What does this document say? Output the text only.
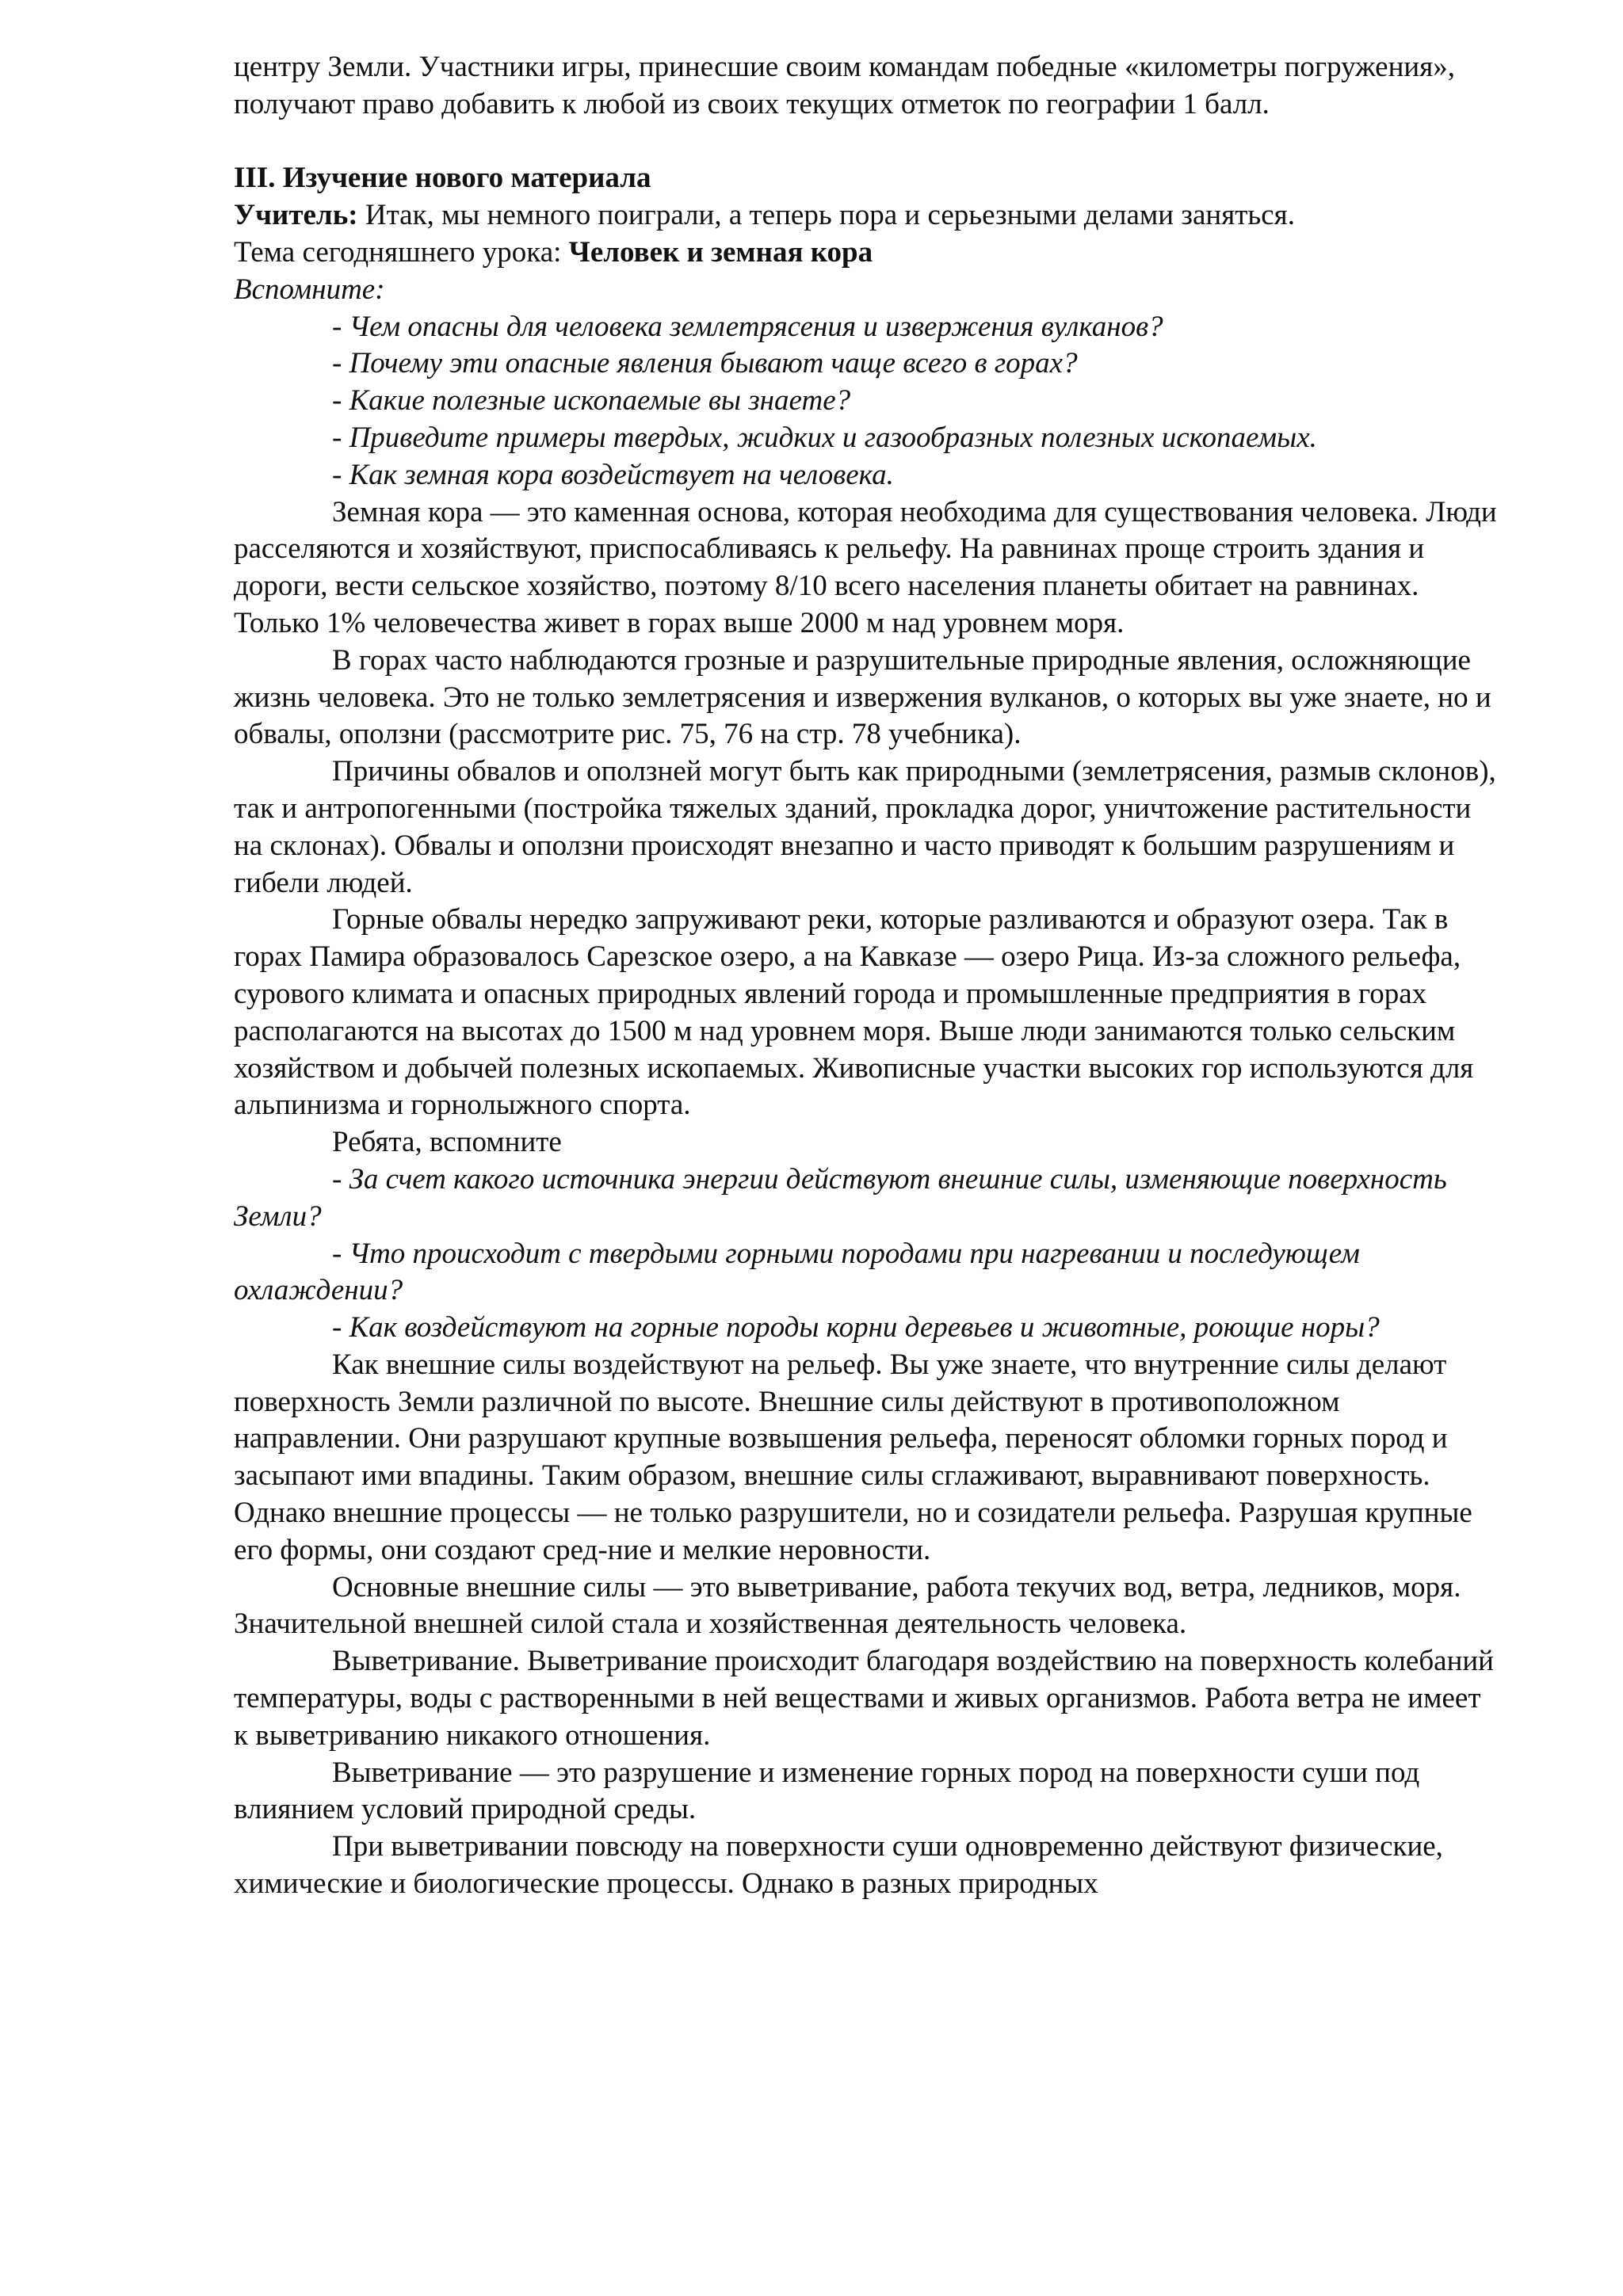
центру Земли. Участники игры, принесшие своим командам победные «километры погружения», получают право добавить к любой из своих текущих отметок по географии 1 балл.

III. Изучение нового материала

Учитель: Итак, мы немного поиграли, а теперь пора и серьезными делами заняться.

Тема сегодняшнего урока: Человек и земная кора

Вспомните:

- Чем опасны для человека землетрясения и извержения вулканов?

- Почему эти опасные явления бывают чаще всего в горах?

- Какие полезные ископаемые вы знаете?

- Приведите примеры твердых, жидких и газообразных полезных ископаемых.

- Как земная кора воздействует на человека.

Земная кора — это каменная основа, которая необходима для существования человека. Люди расселяются и хозяйствуют, приспосабливаясь к рельефу. На равнинах проще строить здания и дороги, вести сельское хозяйство, поэтому 8/10 всего населения планеты обитает на равнинах. Только 1% человечества живет в горах выше 2000 м над уровнем моря.

В горах часто наблюдаются грозные и разрушительные природные явления, осложняющие жизнь человека. Это не только землетрясения и извержения вулканов, о которых вы уже знаете, но и обвалы, оползни (рассмотрите рис. 75, 76 на стр. 78 учебника).

Причины обвалов и оползней могут быть как природными (землетрясения, размыв склонов), так и антропогенными (постройка тяжелых зданий, прокладка дорог, уничтожение растительности на склонах). Обвалы и оползни происходят внезапно и часто приводят к большим разрушениям и гибели людей.

Горные обвалы нередко запруживают реки, которые разливаются и образуют озера. Так в горах Памира образовалось Сарезское озеро, а на Кавказе — озеро Рица. Из-за сложного рельефа, сурового климата и опасных природных явлений города и промышленные предприятия в горах располагаются на высотах до 1500 м над уровнем моря. Выше люди занимаются только сельским хозяйством и добычей полезных ископаемых. Живописные участки высоких гор используются для альпинизма и горнолыжного спорта.

Ребята, вспомните

- За счет какого источника энергии действуют внешние силы, изменяющие поверхность Земли?

- Что происходит с твердыми горными породами при нагревании и последующем охлаждении?

- Как воздействуют на горные породы корни деревьев и животные, роющие норы?

Как внешние силы воздействуют на рельеф. Вы уже знаете, что внутренние силы делают поверхность Земли различной по высоте. Внешние силы действуют в противоположном направлении. Они разрушают крупные возвышения рельефа, переносят обломки горных пород и засыпают ими впадины. Таким образом, внешние силы сглаживают, выравнивают поверхность. Однако внешние процессы — не только разрушители, но и созидатели рельефа. Разрушая крупные его формы, они создают сред-ние и мелкие неровности.

Основные внешние силы — это выветривание, работа текучих вод, ветра, ледников, моря. Значительной внешней силой стала и хозяйственная деятельность человека.

Выветривание. Выветривание происходит благодаря воздействию на поверхность колебаний температуры, воды с растворенными в ней веществами и живых организмов. Работа ветра не имеет к выветриванию никакого отношения.

Выветривание — это разрушение и изменение горных пород на поверхности суши под влиянием условий природной среды.

При выветривании повсюду на поверхности суши одновременно действуют физические, химические и биологические процессы. Однако в разных природных
